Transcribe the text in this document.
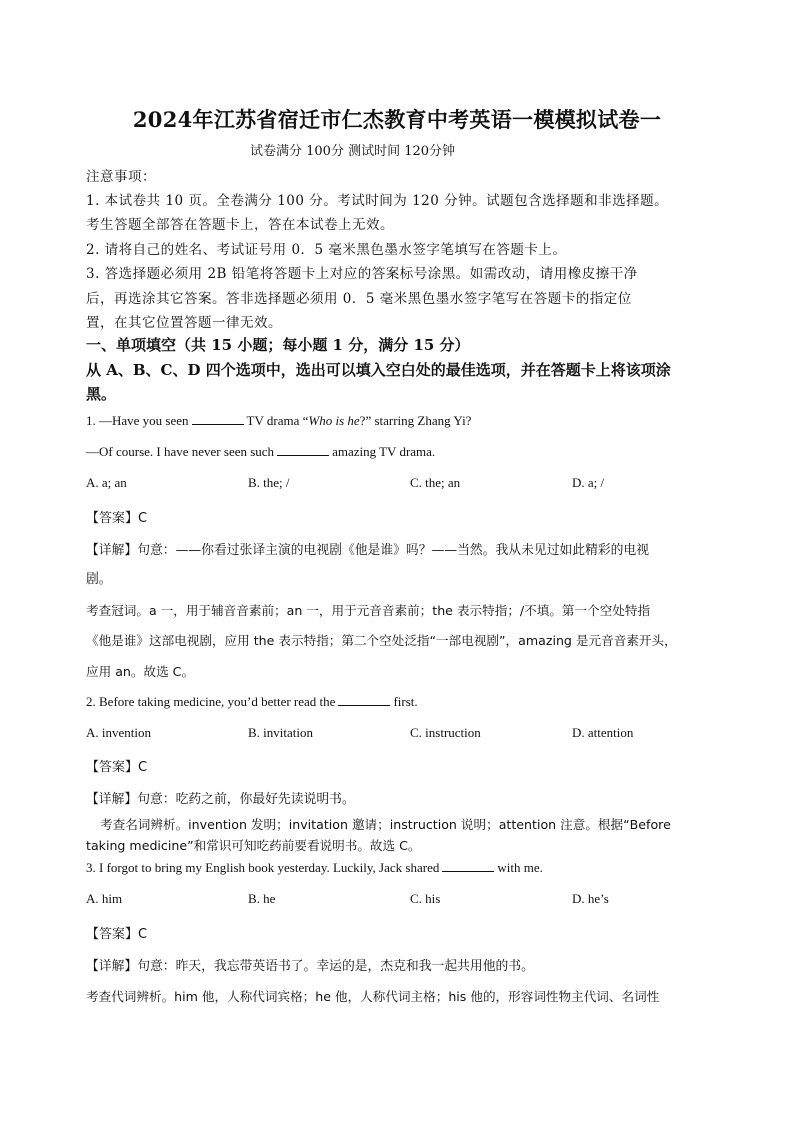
2024年江苏省宿迁市仁杰教育中考英语一模模拟试卷一
试卷满分 100分 测试时间 120分钟
注意事项：
1. 本试卷共 10 页。全卷满分 100 分。考试时间为 120 分钟。试题包含选择题和非选择题。
考生答题全部答在答题卡上，答在本试卷上无效。
2. 请将自己的姓名、考试证号用 0．5 毫米黑色墨水签字笔填写在答题卡上。
3. 答选择题必须用 2B 铅笔将答题卡上对应的答案标号涂黑。如需改动，请用橡皮擦干净
后，再选涂其它答案。答非选择题必须用 0．5 毫米黑色墨水签字笔写在答题卡的指定位
置，在其它位置答题一律无效。
一、单项填空（共 15 小题；每小题 1 分，满分 15 分）
从 A、B、C、D 四个选项中，选出可以填入空白处的最佳选项，并在答题卡上将该项涂
黑。
1. —Have you seen	TV drama “Who is he?” starring Zhang Yi?
—Of course. I have never seen such	amazing TV drama.
A. a; an	B. the; /	C. the; an	D. a; /
【答案】C
【详解】句意：——你看过张译主演的电视剧《他是谁》吗？——当然。我从未见过如此精彩的电视
剧。
考查冠词。a 一，用于辅音音素前；an 一，用于元音音素前；the 表示特指；/不填。第一个空处特指
《他是谁》这部电视剧，应用 the 表示特指；第二个空处泛指“一部电视剧”，amazing 是元音音素开头，
应用 an。故选 C。
2. Before taking medicine, you’d better read the	first.
A. invention	B. invitation	C. instruction	D. attention
【答案】C
【详解】句意：吃药之前，你最好先读说明书。
考查名词辨析。invention 发明；invitation 邀请；instruction 说明；attention 注意。根据“Before
taking medicine”和常识可知吃药前要看说明书。故选 C。
3. I forgot to bring my English book yesterday. Luckily, Jack shared	with me.
A. him	B. he	C. his	D. he’s
【答案】C
【详解】句意：昨天，我忘带英语书了。幸运的是，杰克和我一起共用他的书。
考查代词辨析。him 他，人称代词宾格；he 他，人称代词主格；his 他的，形容词性物主代词、名词性
